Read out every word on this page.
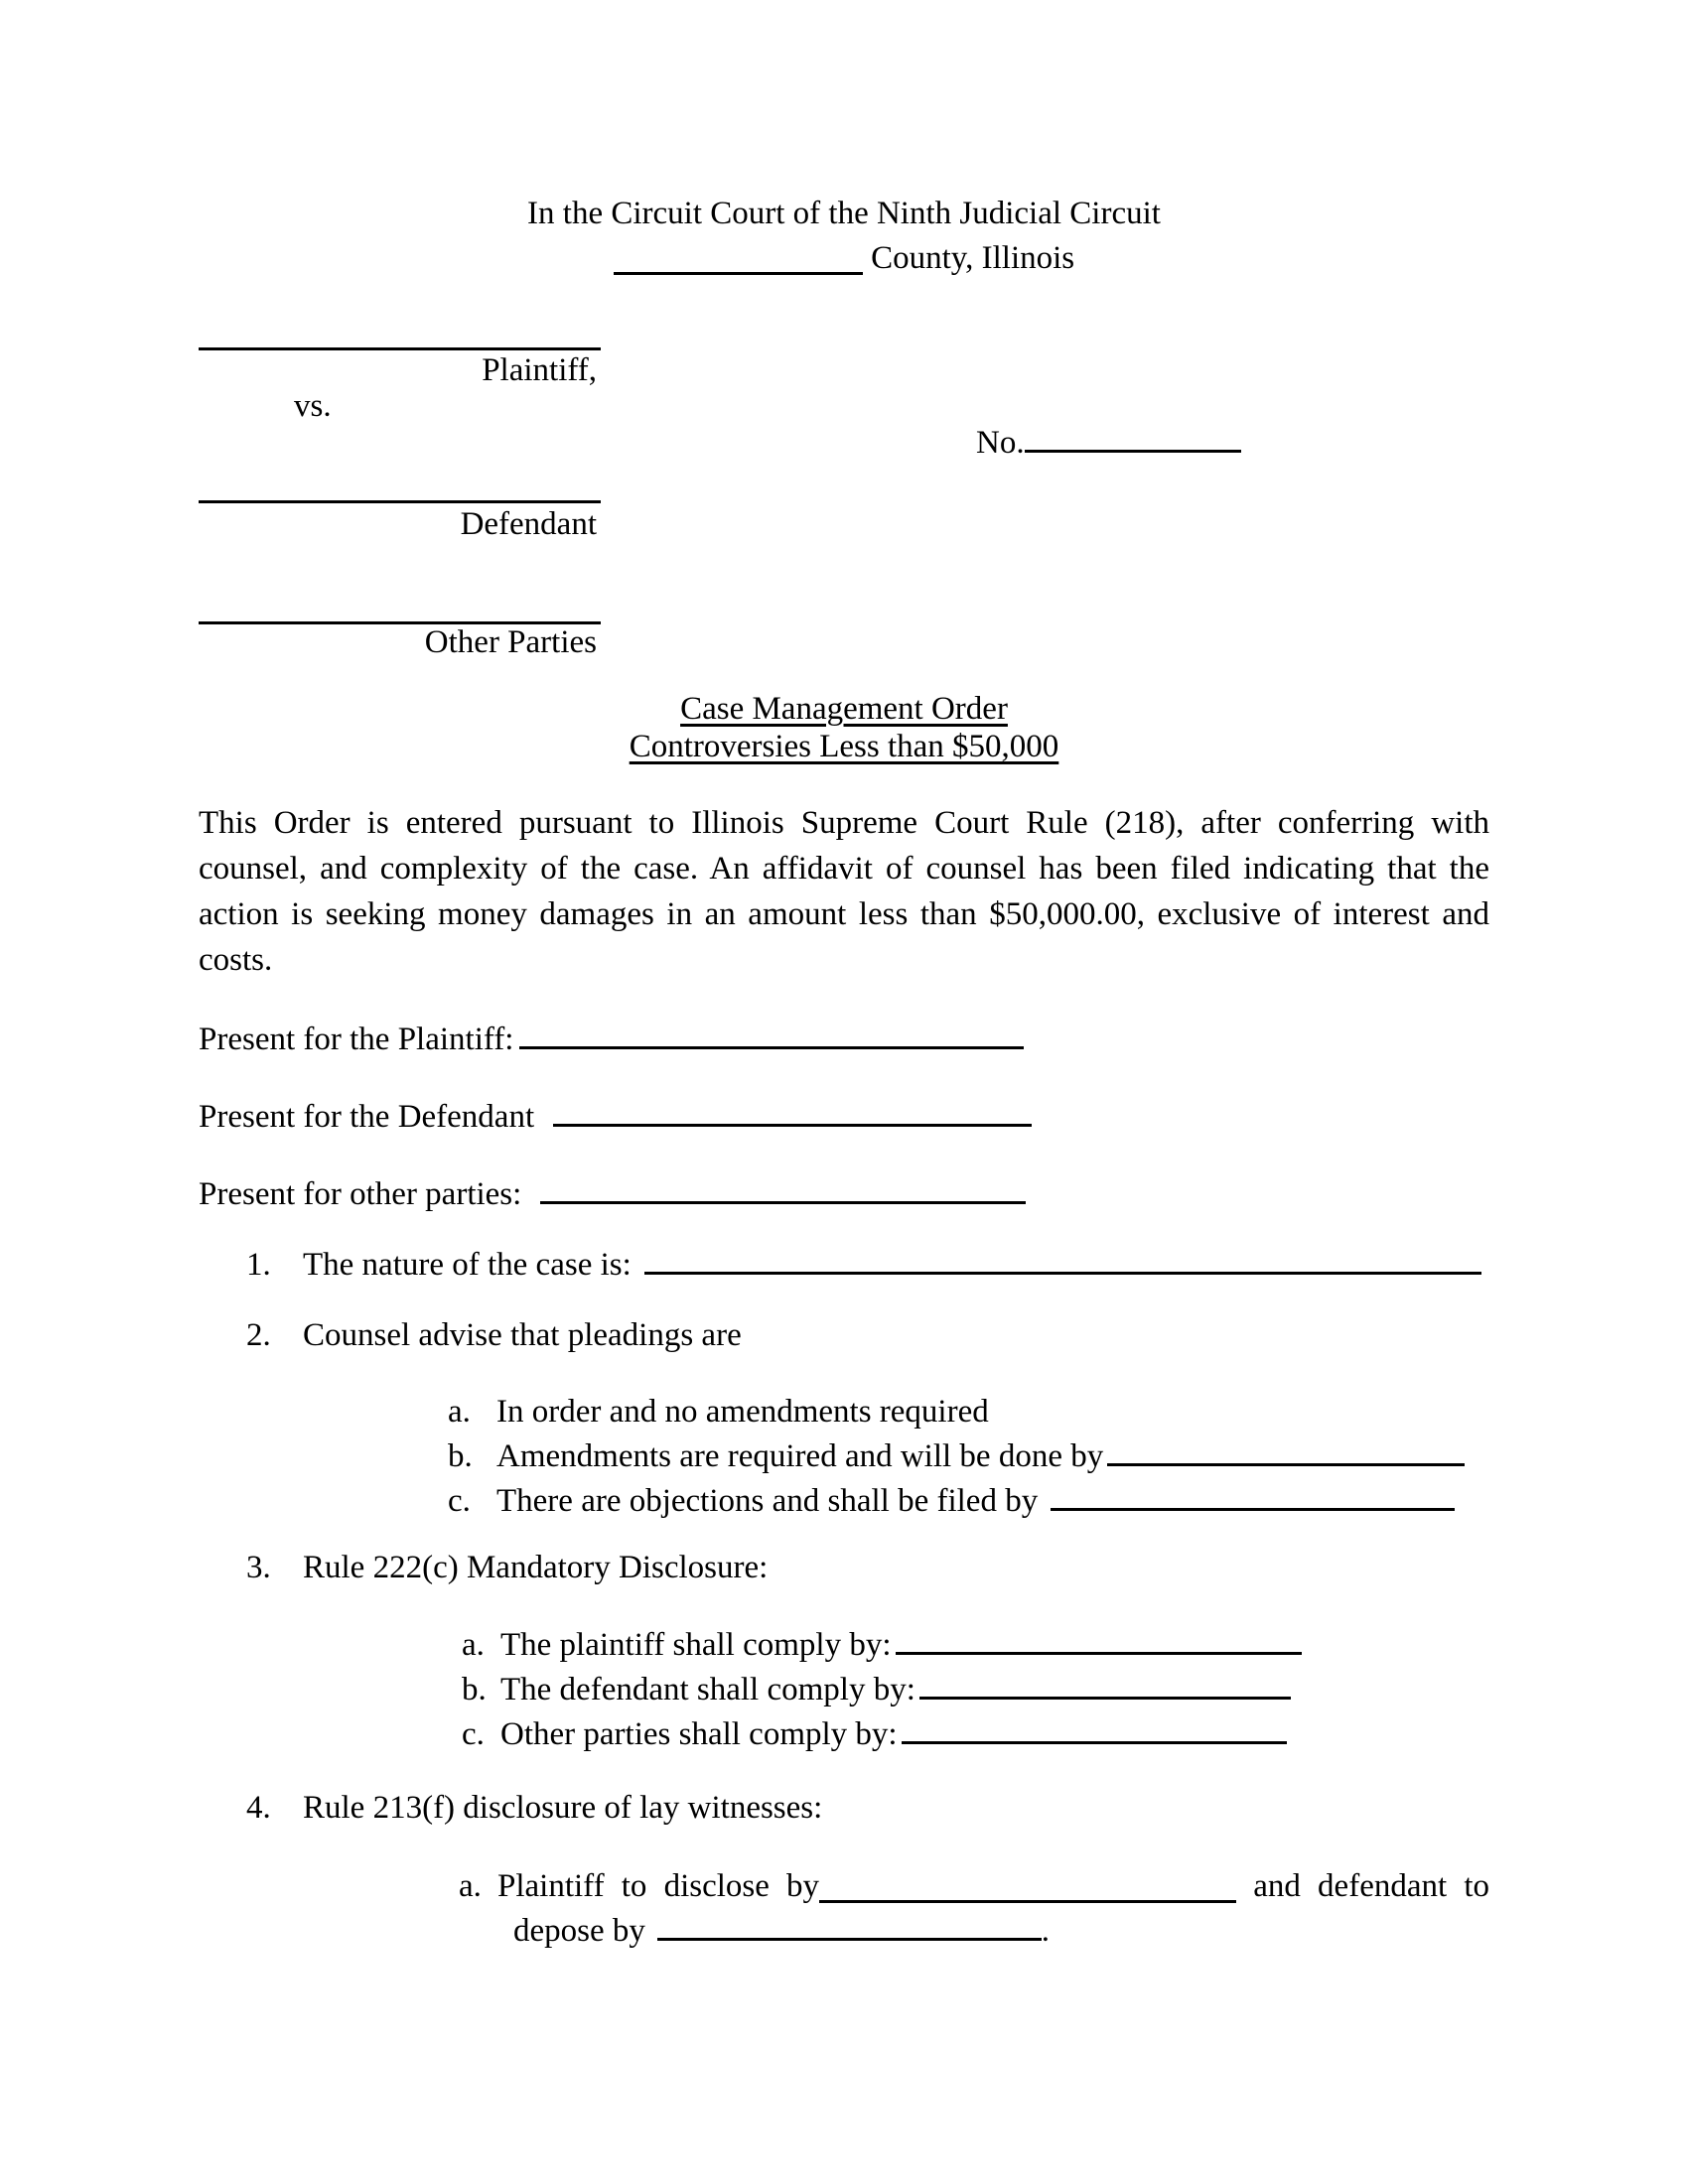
In the Circuit Court of the Ninth Judicial Circuit
County, Illinois
Plaintiff,
vs.
No.
Defendant
Other Parties
Case Management Order
Controversies Less than $50,000
This Order is entered pursuant to Illinois Supreme Court Rule (218), after conferring with
counsel, and complexity of the case. An affidavit of counsel has been filed indicating that the
action is seeking money damages in an amount less than $50,000.00, exclusive of interest and
costs.
Present for the Plaintiff:
Present for the Defendant
Present for other parties:
1. The nature of the case is:
2. Counsel advise that pleadings are
a. In order and no amendments required
b. Amendments are required and will be done by
c. There are objections and shall be filed by
3. Rule 222(c) Mandatory Disclosure:
a. The plaintiff shall comply by:
b. The defendant shall comply by:
c. Other parties shall comply by:
4. Rule 213(f) disclosure of lay witnesses:
a. Plaintiff to disclose by	and defendant to
depose by	.
